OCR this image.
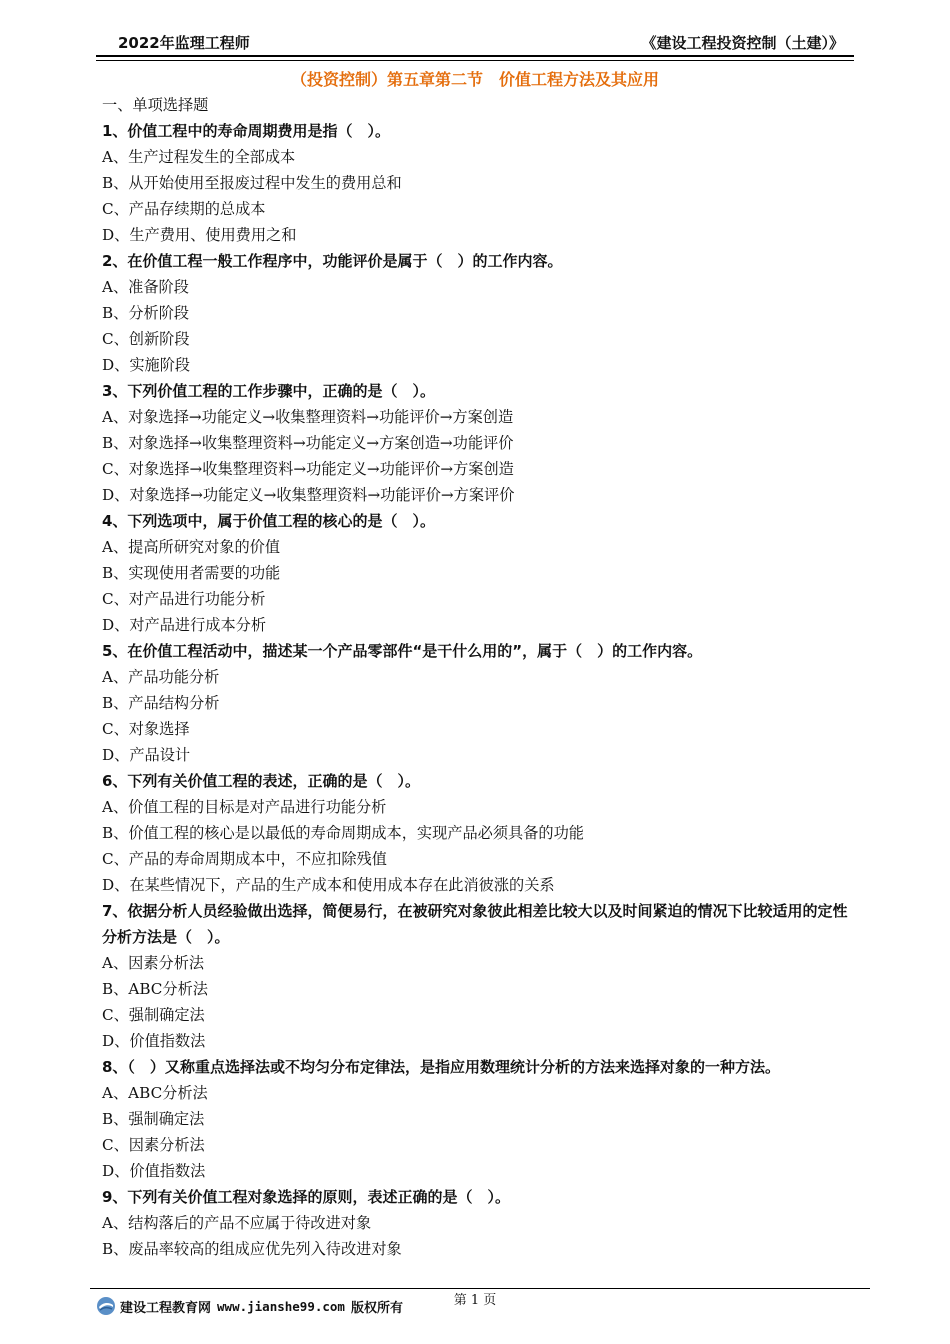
2022年监理工程师	《建设工程投资控制（土建）》
（投资控制）第五章第二节　价值工程方法及其应用
一、单项选择题
1、价值工程中的寿命周期费用是指（　）。
A、生产过程发生的全部成本
B、从开始使用至报废过程中发生的费用总和
C、产品存续期的总成本
D、生产费用、使用费用之和
2、在价值工程一般工作程序中，功能评价是属于（　）的工作内容。
A、准备阶段
B、分析阶段
C、创新阶段
D、实施阶段
3、下列价值工程的工作步骤中，正确的是（　）。
A、对象选择→功能定义→收集整理资料→功能评价→方案创造
B、对象选择→收集整理资料→功能定义→方案创造→功能评价
C、对象选择→收集整理资料→功能定义→功能评价→方案创造
D、对象选择→功能定义→收集整理资料→功能评价→方案评价
4、下列选项中，属于价值工程的核心的是（　）。
A、提高所研究对象的价值
B、实现使用者需要的功能
C、对产品进行功能分析
D、对产品进行成本分析
5、在价值工程活动中，描述某一个产品零部件“是干什么用的”，属于（　）的工作内容。
A、产品功能分析
B、产品结构分析
C、对象选择
D、产品设计
6、下列有关价值工程的表述，正确的是（　）。
A、价值工程的目标是对产品进行功能分析
B、价值工程的核心是以最低的寿命周期成本，实现产品必须具备的功能
C、产品的寿命周期成本中，不应扣除残值
D、在某些情况下，产品的生产成本和使用成本存在此消彼涨的关系
7、依据分析人员经验做出选择，简便易行，在被研究对象彼此相差比较大以及时间紧迫的情况下比较适用的定性分析方法是（　）。
A、因素分析法
B、ABC分析法
C、强制确定法
D、价值指数法
8、（　）又称重点选择法或不均匀分布定律法，是指应用数理统计分析的方法来选择对象的一种方法。
A、ABC分析法
B、强制确定法
C、因素分析法
D、价值指数法
9、下列有关价值工程对象选择的原则，表述正确的是（　）。
A、结构落后的产品不应属于待改进对象
B、废品率较高的组成应优先列入待改进对象
第 1 页
建设工程教育网 www.jianshe99.com 版权所有
